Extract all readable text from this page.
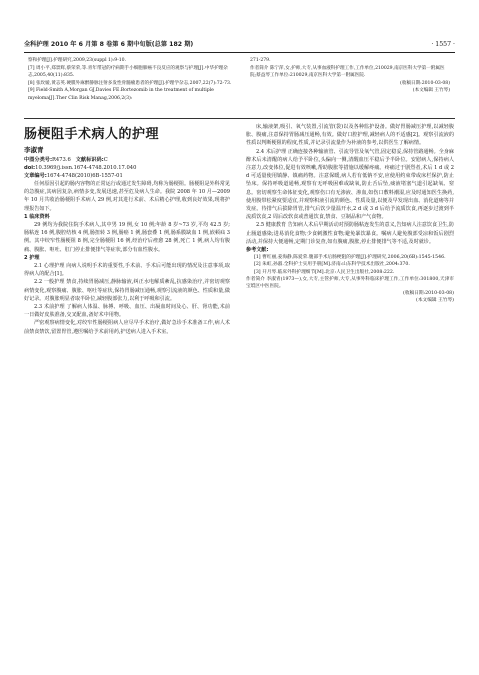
全科护理 2010 年 6 月第 8 卷第 6 期中旬版(总第 182 期)	· 1557 ·
察和护理[J].护理研究,2009,23(suppl 1):9-10.
[7] 周小平,郑景辉,蔡荣荣,等.青年带冠的疗病期手小细胞肺癌不良反应的观察与护理[J].中华护理杂志,2005,40(11):835.
[8] 张玫媛,黄志英.硬膜外麻醉静脉注射多发性骨髓瘤患者的护理[J].护理学杂志,2007,22(7):72-73.
[9] Field-Smith A,Morgan GJ,Davies FE.Bortezomib in the treatment of multiple myeloma[J].Ther Clin Risk Manag,2006,2(3):
271-279.
作者简介 陈宁萍,女,护师,大专,从事血液科护理工作,工作单位,210029,南京医科大学第一附属医院;蔡益琴工作单位:210029,南京医科大学第一附属医院.
(收稿日期:2010-03-08)
(本文编辑 王竹琴)
肠梗阻手术病人的护理
李淑青
中图分类号:R473.6 文献标识码:C
doi:10.3969/j.issn.1674-4748.2010.17.040
文章编号:1674-4748(2010)6B-1557-01

任何原因引起的肠内容物的正常运行或通过发生障碍,均称为肠梗阻。肠梗阻是外科常见的急腹症,其病因复杂,病情多变,发展迅速,甚至危及病人生命。我院 2008 年 10 月—2009 年 10 月共收治肠梗阻手术病人 29 例,对其进行术前、术后精心护理,收到良好效果,现将护理报告如下。

1 临床资料

29 例均为我院住院手术病人,其中男 19 例,女 10 例;年龄 8 岁~73 岁,平均 42.5 岁;肠粘连 16 例,腹腔结核 4 例,肠扭转 3 例,肠癌 1 例,肠套叠 1 例,肠系膜缺血 1 例,嵌顿疝 3 例。其中绞窄性肠梗阻 8 例,完全肠梗阻 16 例,经治疗后痊愈 28 例,死亡 1 例,病人均有腹痛、腹胀、呕吐、肛门停止排便排气等症状,部分有血性腹水。

2 护理

2.1 心理护理 向病人说明手术的重要性,手术前、手术后可能出现的情况及注意事项,取得病人的配合[1]。

2.2 一般护理 禁食,持续胃肠减压,静脉输液,纠正水电解质紊乱,抗感染治疗,并密切观察病情变化,观察腹痛、腹胀、呕吐等症状,保持胃肠减压通畅,观察引流液的颜色、性质和量,做好记录。对腹胀明显者取半卧位,减轻腹部张力,以利于呼吸和引流。

2.3 术前护理 了解病人体温、脉搏、呼吸、血压、出凝血时间及心、肝、肾功能,术前一日做好皮肤准备,交叉配血,备好术中用物。

严密观察病情变化,对绞窄性肠梗阻病人应尽早手术治疗,做好急诊手术准备工作,病人术前禁食禁饮,留置胃管,遵医嘱给予术前用药,护送病人进入手术室。

床,输液架,吸引、氧气装置,引流管(袋)以及各种监护设备。做好胃肠减压护理,以减轻腹胀、腹痛,注意保持胃肠减压通畅,有效。做好口腔护理,减轻病人的不适感[2]。观察引流液的性质以判断梗阻的程度,性质,并记录引流量作为补液的参考,以供医生了解病情。

2.4 术后护理 正确连接各种输液管、引流导管及氧气管,固定稳妥,保持管路通畅。全身麻醉术后未清醒的病人给予平卧位,头偏向一侧,清醒血压平稳后予半卧位。安慰病人,保持病人注意力,改变体位,促进有效咳嗽,帮助腹胀等措施以缓解疼痛。疼痛过于剧烈者,术后 1 d 或 2 d 可适量使用镇静、镇痛药物。注意保暖,病人若有低钠不安,应使用约束带或床栏保护,防止坠床。保持呼吸道通畅,观察有无呼吸困难或缺氧,防止舌后坠,痰液堵塞气道引起缺氧、窒息。密切观察生命体征变化,观察伤口有无渗液、渗血,如伤口敷料潮湿,应及时通知医生换药,使用腹带松紧度要适宜,并观察积液引流的颜色、性质及量,以便及早发现出血、消化道瘘等并发症。待排气后拔除胃管,排气后饮少量温开水,2 d 或 3 d 后给予流质饮食,再逐步过渡到半流质饮食,2 周后改软食或普通饮食,禁食、豆制品和产气食物。

2.5 健康教育 告知病人术后早期活动对预防肠粘连发生的意义,告知病人注意饮食卫生,防止肠道感染;进易消化食物;少食刺激性食物;避免暴饮暴食。嘱病人避免腹部受凉和饭后剧烈活动,并保持大便通畅,定期门诊复查,如有腹痛,腹胀,停止排便排气等不适,及时就诊。

参考文献:

[1] 曹红丽,姜海静,陈爱荣.腹部手术后肠梗阻的护理[J].护理研究,2006,20(6B):1545-1546.

[2] 朱虹,孙淑.全科护士实用手册[M].济南:山东科学技术出版社,2004:370.

[3] 开月琴.临床外科护理细节[M].北京:人民卫生出版社,2008:222.

作者简介 李淑青(1973—),女,大专,主管护师,大专,从事外科临床护理工作,工作单位:301800,天津市宝坻区中医医院。

(收稿日期:2010-03-08)

(本文编辑 王竹琴)
